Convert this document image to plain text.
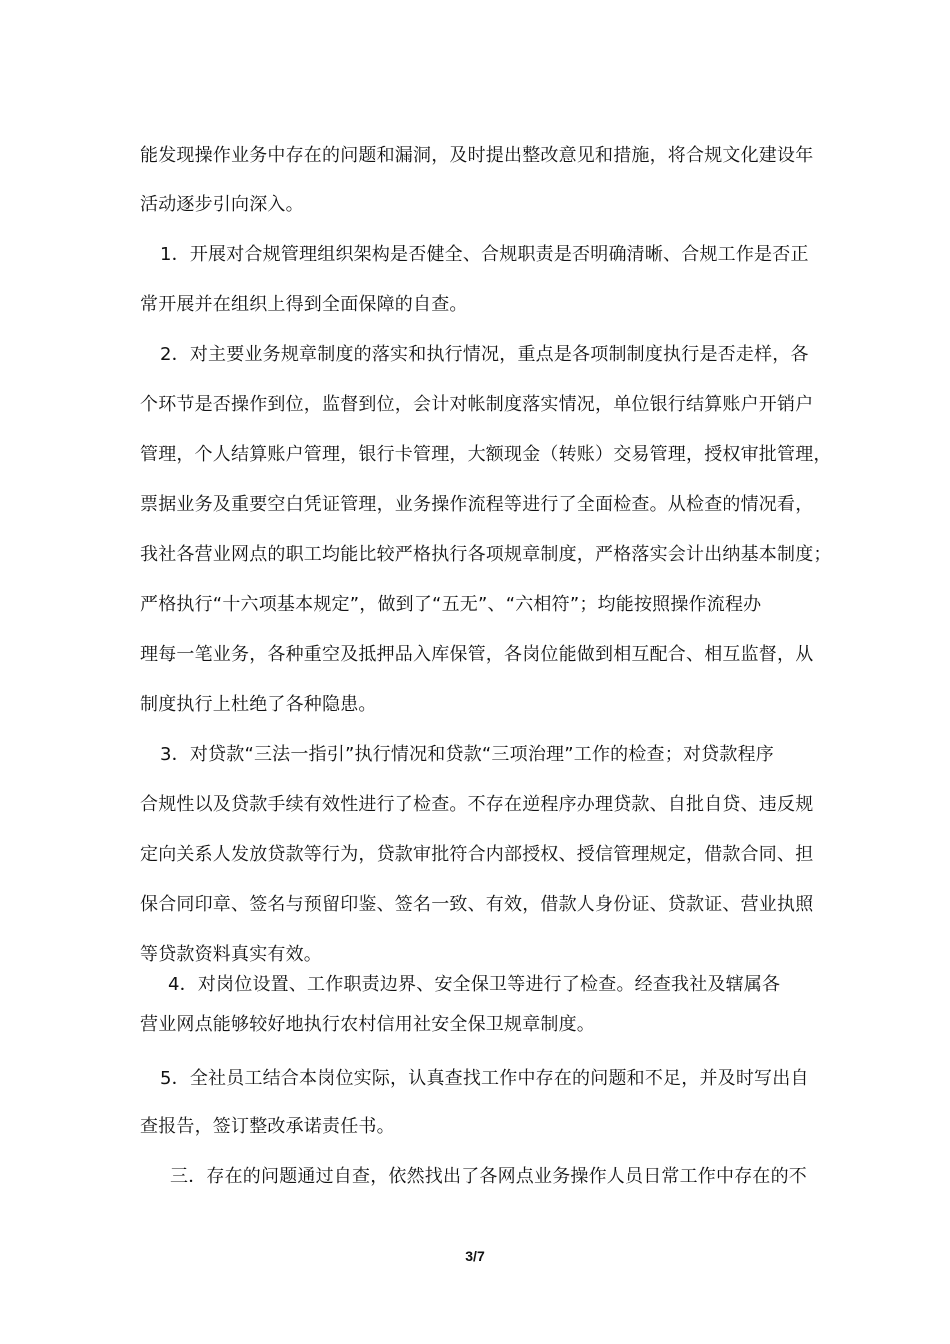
能发现操作业务中存在的问题和漏洞，及时提出整改意见和措施，将合规文化建设年
活动逐步引向深入。
1．开展对合规管理组织架构是否健全、合规职责是否明确清晰、合规工作是否正
常开展并在组织上得到全面保障的自查。
2．对主要业务规章制度的落实和执行情况，重点是各项制制度执行是否走样，各
个环节是否操作到位，监督到位，会计对帐制度落实情况，单位银行结算账户开销户
管理，个人结算账户管理，银行卡管理，大额现金（转账）交易管理，授权审批管理，
票据业务及重要空白凭证管理，业务操作流程等进行了全面检查。从检查的情况看，
我社各营业网点的职工均能比较严格执行各项规章制度，严格落实会计出纳基本制度；
严格执行“十六项基本规定”，做到了“五无”、“六相符”；均能按照操作流程办
理每一笔业务，各种重空及抵押品入库保管，各岗位能做到相互配合、相互监督，从
制度执行上杜绝了各种隐患。
3．对贷款“三法一指引”执行情况和贷款“三项治理”工作的检查；对贷款程序
合规性以及贷款手续有效性进行了检查。不存在逆程序办理贷款、自批自贷、违反规
定向关系人发放贷款等行为，贷款审批符合内部授权、授信管理规定，借款合同、担
保合同印章、签名与预留印鉴、签名一致、有效，借款人身份证、贷款证、营业执照
等贷款资料真实有效。
4．对岗位设置、工作职责边界、安全保卫等进行了检查。经查我社及辖属各
营业网点能够较好地执行农村信用社安全保卫规章制度。
5．全社员工结合本岗位实际，认真查找工作中存在的问题和不足，并及时写出自
查报告，签订整改承诺责任书。
三．存在的问题通过自查，依然找出了各网点业务操作人员日常工作中存在的不
3/7
